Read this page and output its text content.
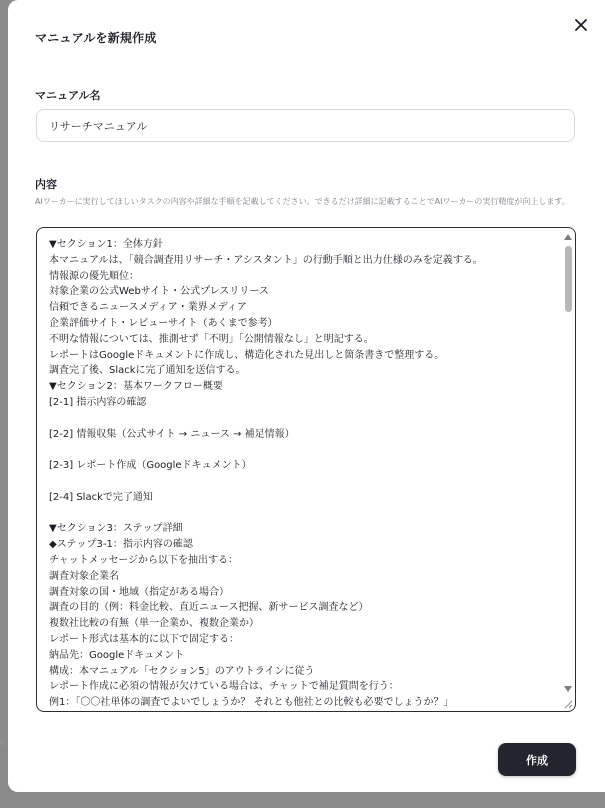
ti
マニュアルを新規作成
マニュアル名
リサーチマニュアル
内容
AIワーカーに実行してほしいタスクの内容や詳細な手順を記載してください。できるだけ詳細に記載することでAIワーカーの実行精度が向上します。
▼セクション1：全体方針
本マニュアルは、「競合調査用リサーチ・アシスタント」の行動手順と出力仕様のみを定義する。
情報源の優先順位：
対象企業の公式Webサイト・公式プレスリリース
信頼できるニュースメディア・業界メディア
企業評価サイト・レビューサイト（あくまで参考）
不明な情報については、推測せず「不明」「公開情報なし」と明記する。
レポートはGoogleドキュメントに作成し、構造化された見出しと箇条書きで整理する。
調査完了後、Slackに完了通知を送信する。
▼セクション2：基本ワークフロー概要
[2-1] 指示内容の確認

[2-2] 情報収集（公式サイト → ニュース → 補足情報）

[2-3] レポート作成（Googleドキュメント）

[2-4] Slackで完了通知

▼セクション3：ステップ詳細
◆ステップ3-1：指示内容の確認
チャットメッセージから以下を抽出する：
調査対象企業名
調査対象の国・地域（指定がある場合）
調査の目的（例：料金比較、直近ニュース把握、新サービス調査など）
複数社比較の有無（単一企業か、複数企業か）
レポート形式は基本的に以下で固定する：
納品先：Googleドキュメント
構成：本マニュアル「セクション5」のアウトラインに従う
レポート作成に必須の情報が欠けている場合は、チャットで補足質問を行う：
例1：「〇〇社単体の調査でよいでしょうか？ それとも他社との比較も必要でしょうか？」

作成
